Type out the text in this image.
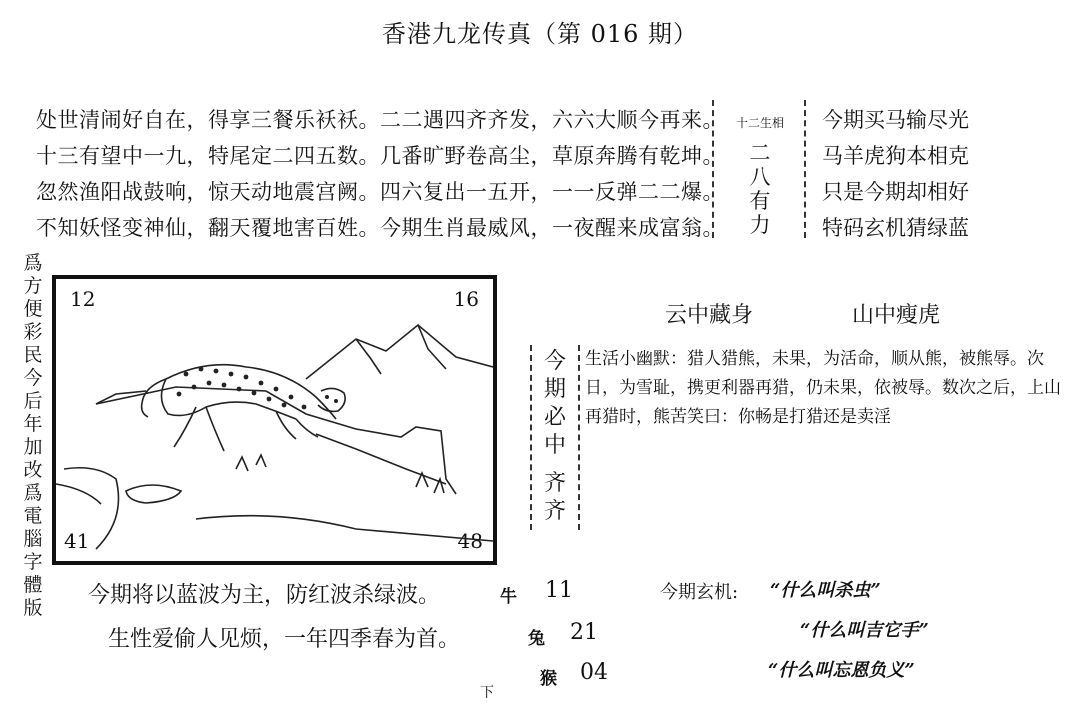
香港九龙传真（第 016 期）
处世清闹好自在，得享三餐乐袄袄。二二遇四齐齐发，六六大顺今再来。
十三有望中一九，特尾定二四五数。几番旷野卷高尘，草原奔腾有乾坤。
忽然渔阳战鼓响，惊天动地震宫阙。四六复出一五开，一一反弹二二爆。
不知妖怪变神仙，翻天覆地害百姓。今期生肖最威风，一夜醒来成富翁。
十二生相
二
八
有
力
今期买马输尽光
马羊虎狗本相克
只是今期却相好
特码玄机猜绿蓝
爲方便彩民今后年加改爲電腦字體版
12	16
41	48
云中藏身	山中瘦虎
今
期
必
中
齐
齐
生活小幽默：猎人猎熊，未果，为活命，顺从熊，被熊辱。次日，为雪耻，携更利器再猎，仍未果，依被辱。数次之后，上山再猎时，熊苦笑曰：你畅是打猎还是卖淫
今期将以蓝波为主，防红波杀绿波。
生性爱偷人见烦，一年四季春为首。
牛 11
兔 21
猴 04
今期玄机: “什么叫杀虫”
“什么叫吉它手”
“什么叫忘恩负义”
下
